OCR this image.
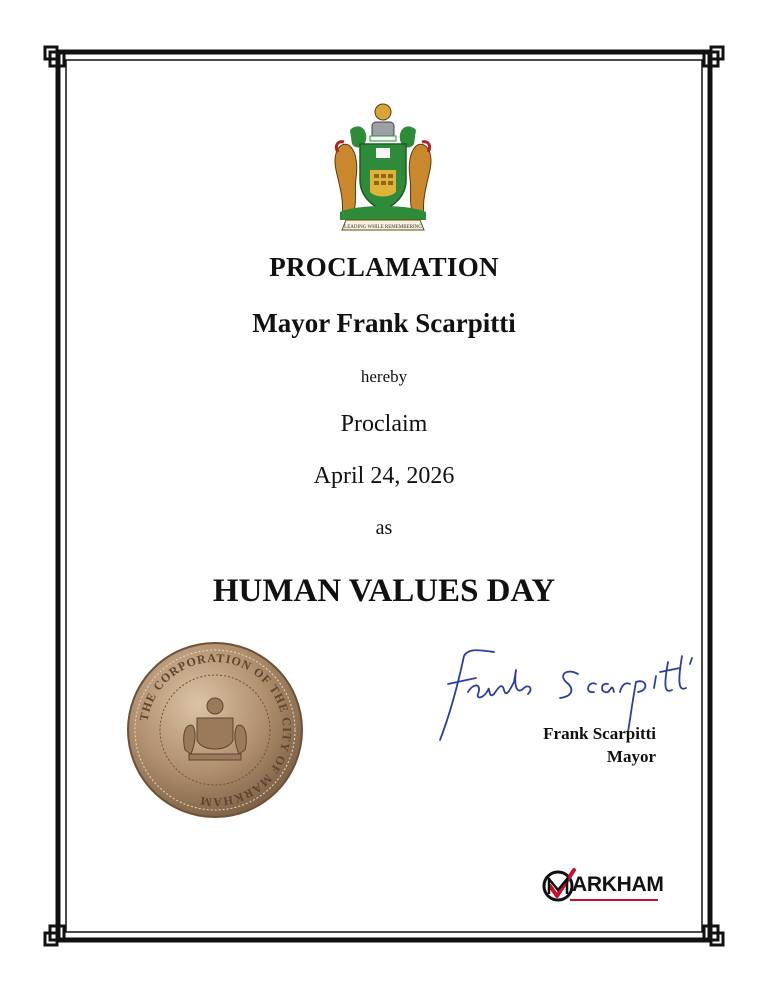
LEADING WHILE REMEMBERING
PROCLAMATION
Mayor Frank Scarpitti
hereby
Proclaim
April 24, 2026
as
HUMAN VALUES DAY
THE CORPORATION OF THE CITY OF MARKHAM
Frank Scarpitti
Mayor
ARKHAM
